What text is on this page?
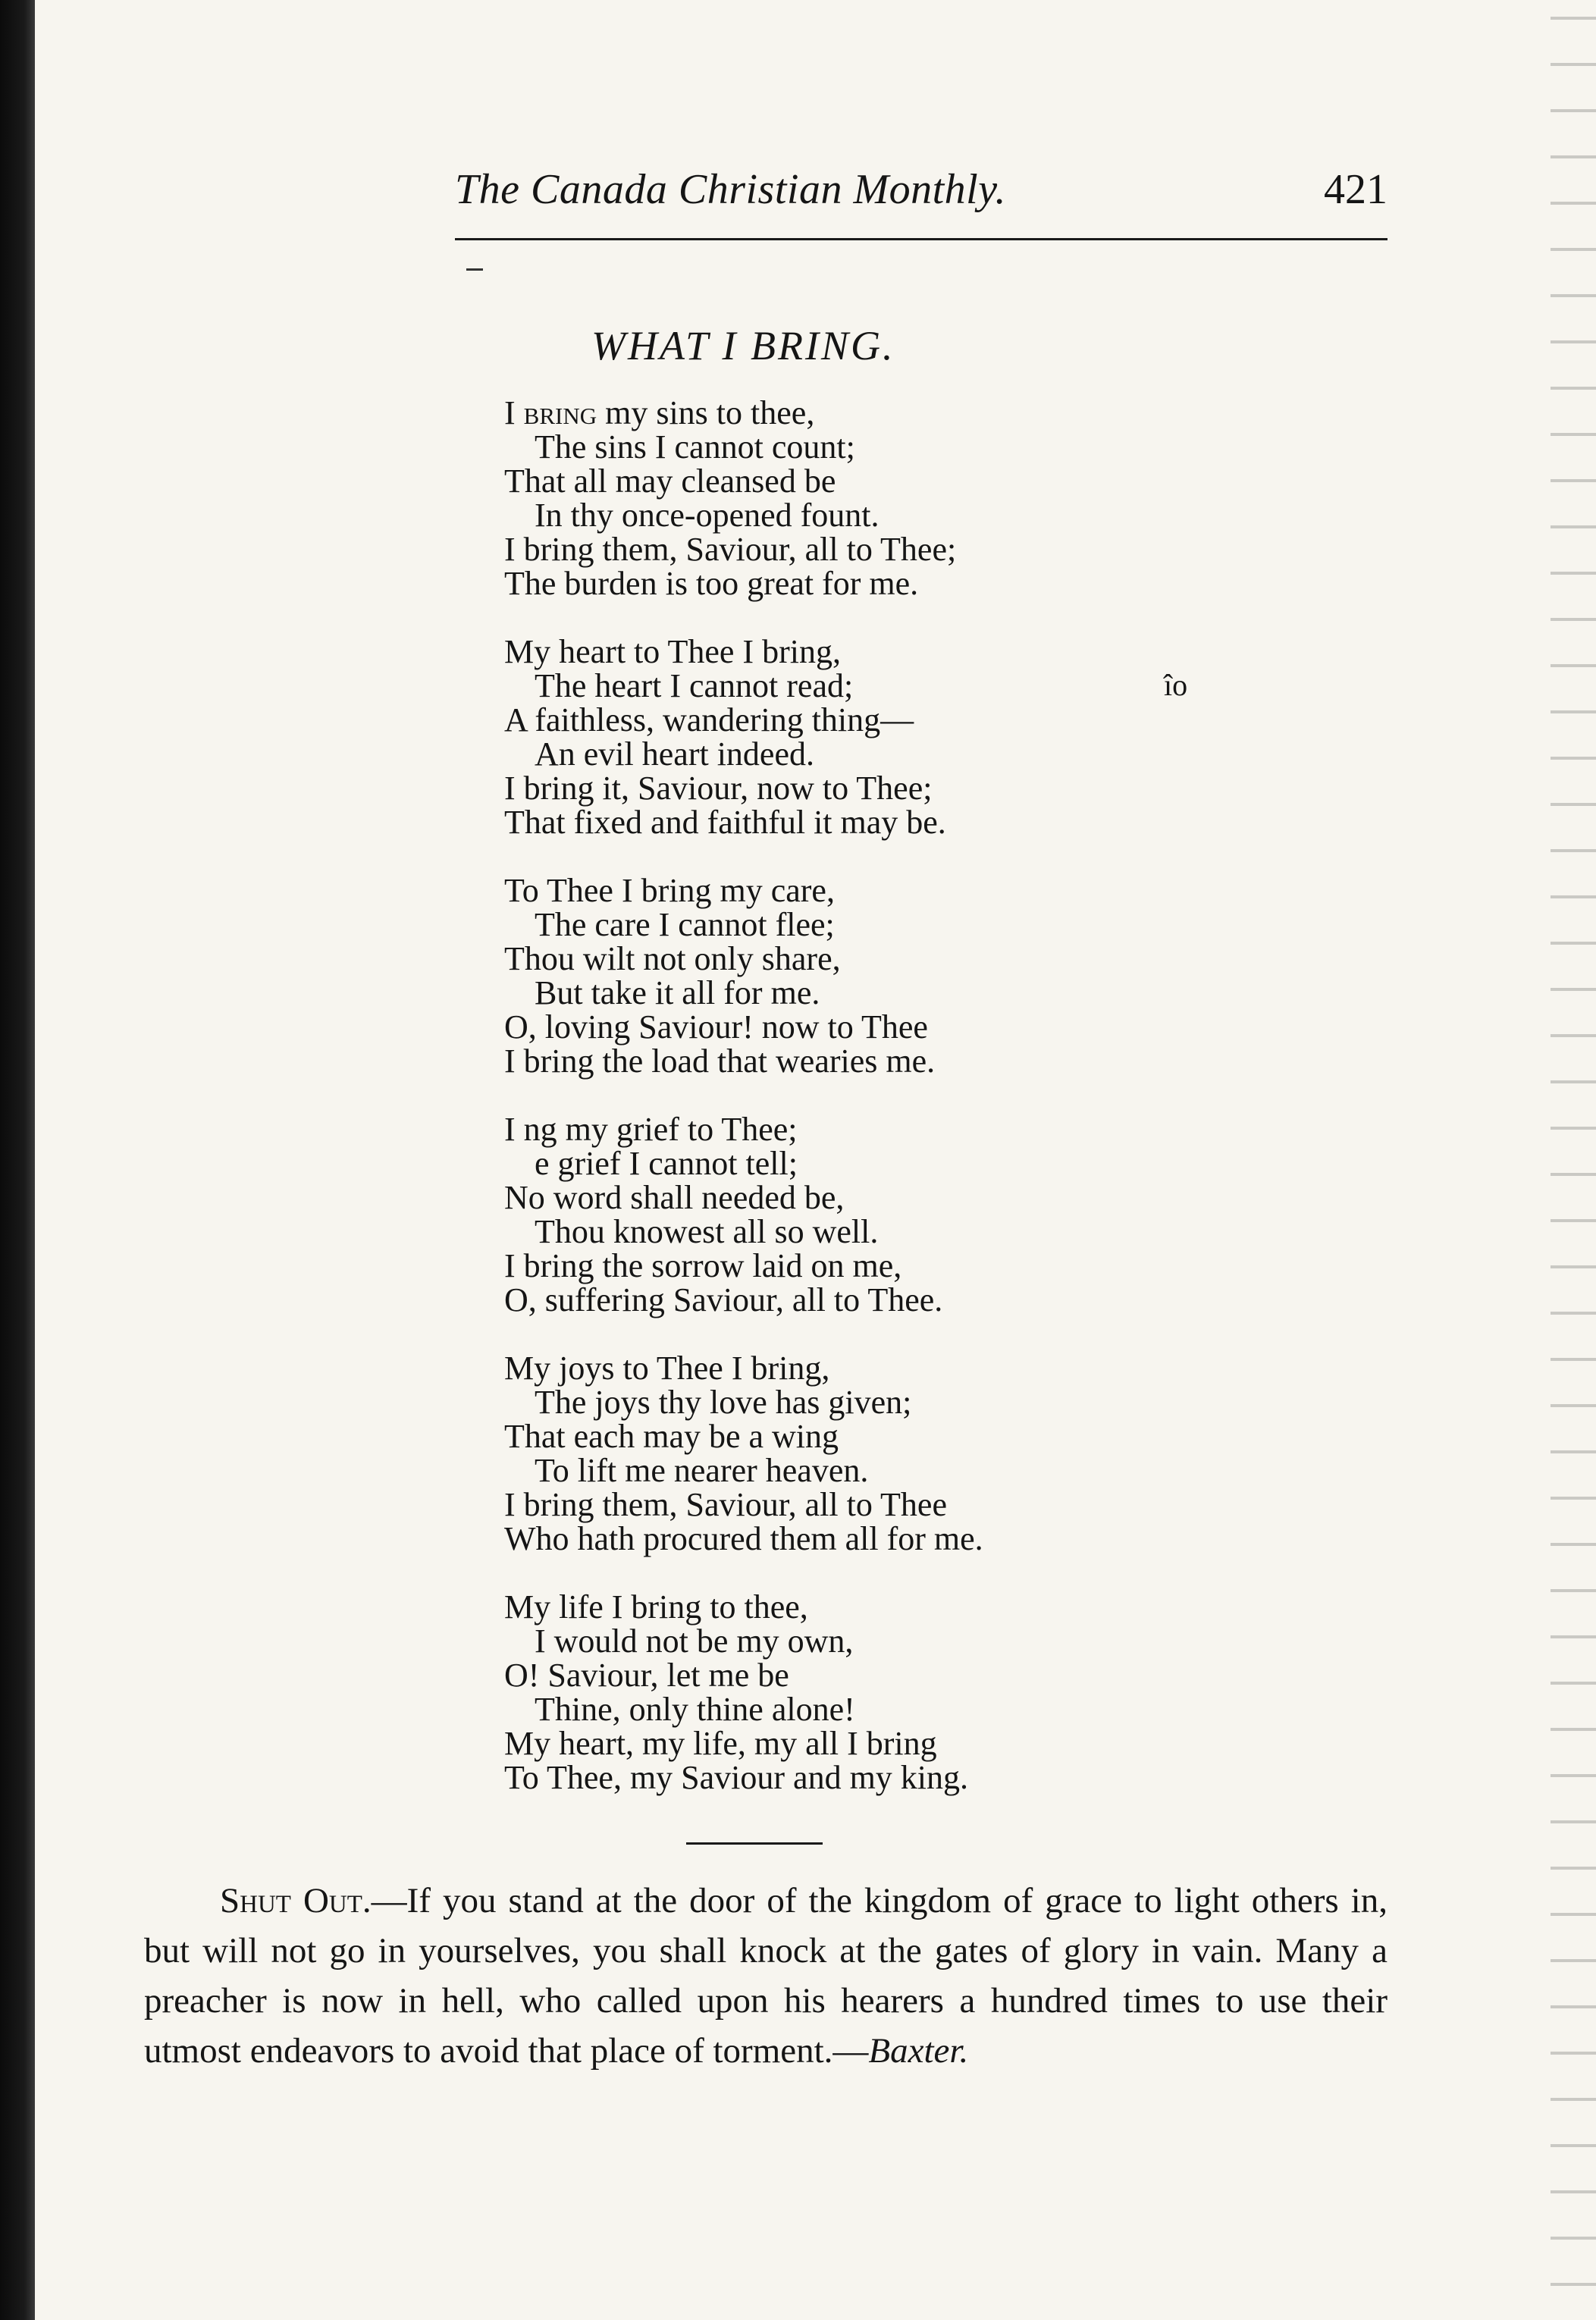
The Canada Christian Monthly.	421
WHAT I BRING.
I bring my sins to thee,
The sins I cannot count;
That all may cleansed be
In thy once-opened fount.
I bring them, Saviour, all to Thee;
The burden is too great for me.
My heart to Thee I bring,
The heart I cannot read;
A faithless, wandering thing—
An evil heart indeed.
I bring it, Saviour, now to Thee;
That fixed and faithful it may be.
To Thee I bring my care,
The care I cannot flee;
Thou wilt not only share,
But take it all for me.
O, loving Saviour! now to Thee
I bring the load that wearies me.
I ng my grief to Thee;
e grief I cannot tell;
No word shall needed be,
Thou knowest all so well.
I bring the sorrow laid on me,
O, suffering Saviour, all to Thee.
My joys to Thee I bring,
The joys thy love has given;
That each may be a wing
To lift me nearer heaven.
I bring them, Saviour, all to Thee
Who hath procured them all for me.
My life I bring to thee,
I would not be my own,
O! Saviour, let me be
Thine, only thine alone!
My heart, my life, my all I bring
To Thee, my Saviour and my king.
îo
Shut Out.—If you stand at the door of the kingdom of grace to light others in, but will not go in yourselves, you shall knock at the gates of glory in vain. Many a preacher is now in hell, who called upon his hearers a hundred times to use their utmost endeavors to avoid that place of torment.—Baxter.
